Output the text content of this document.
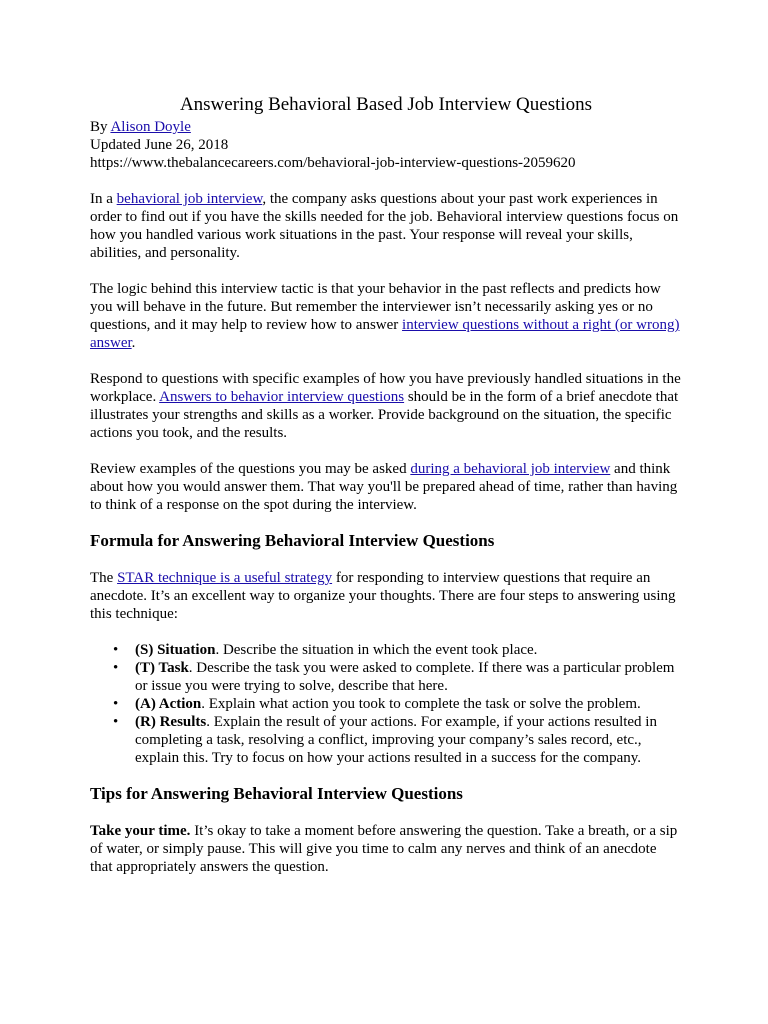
Answering Behavioral Based Job Interview Questions

By Alison Doyle

Updated June 26, 2018

https://www.thebalancecareers.com/behavioral-job-interview-questions-2059620

In a behavioral job interview, the company asks questions about your past work experiences in order to find out if you have the skills needed for the job. Behavioral interview questions focus on how you handled various work situations in the past. Your response will reveal your skills, abilities, and personality.

The logic behind this interview tactic is that your behavior in the past reflects and predicts how you will behave in the future. But remember the interviewer isn’t necessarily asking yes or no questions, and it may help to review how to answer interview questions without a right (or wrong) answer.

Respond to questions with specific examples of how you have previously handled situations in the workplace. Answers to behavior interview questions should be in the form of a brief anecdote that illustrates your strengths and skills as a worker. Provide background on the situation, the specific actions you took, and the results.

Review examples of the questions you may be asked during a behavioral job interview and think about how you would answer them. That way you'll be prepared ahead of time, rather than having to think of a response on the spot during the interview.

Formula for Answering Behavioral Interview Questions

The STAR technique is a useful strategy for responding to interview questions that require an anecdote. It’s an excellent way to organize your thoughts. There are four steps to answering using this technique:

• (S) Situation. Describe the situation in which the event took place.
• (T) Task. Describe the task you were asked to complete. If there was a particular problem or issue you were trying to solve, describe that here.
• (A) Action. Explain what action you took to complete the task or solve the problem.
• (R) Results. Explain the result of your actions. For example, if your actions resulted in completing a task, resolving a conflict, improving your company’s sales record, etc., explain this. Try to focus on how your actions resulted in a success for the company.
Tips for Answering Behavioral Interview Questions

Take your time. It’s okay to take a moment before answering the question. Take a breath, or a sip of water, or simply pause. This will give you time to calm any nerves and think of an anecdote that appropriately answers the question.
